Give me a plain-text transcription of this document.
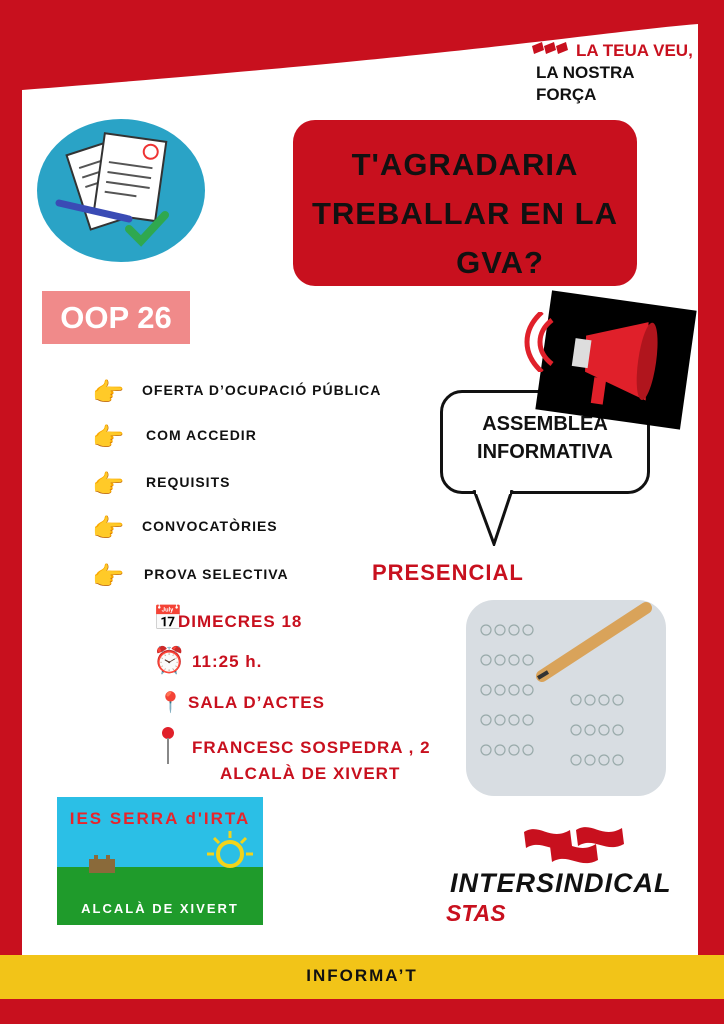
LA TEUA VEU,
LA NOSTRA FORÇA
T'AGRADARIA
TREBALLAR EN LA
GVA?
OOP 26
👉 OFERTA D’OCUPACIÓ PÚBLICA
👉 COM ACCEDIR
👉 REQUISITS
👉 CONVOCATÒRIES
👉 PROVA SELECTIVA
ASSEMBLEA
INFORMATIVA
PRESENCIAL
📅
DIMECRES 18
⏰ 11:25 h.
📍 SALA D’ACTES
FRANCESC SOSPEDRA , 2
ALCALÀ DE XIVERT
IES SERRA d'IRTA
ALCALÀ DE XIVERT
INTERSINDICAL
STAS
INFORMA’T
